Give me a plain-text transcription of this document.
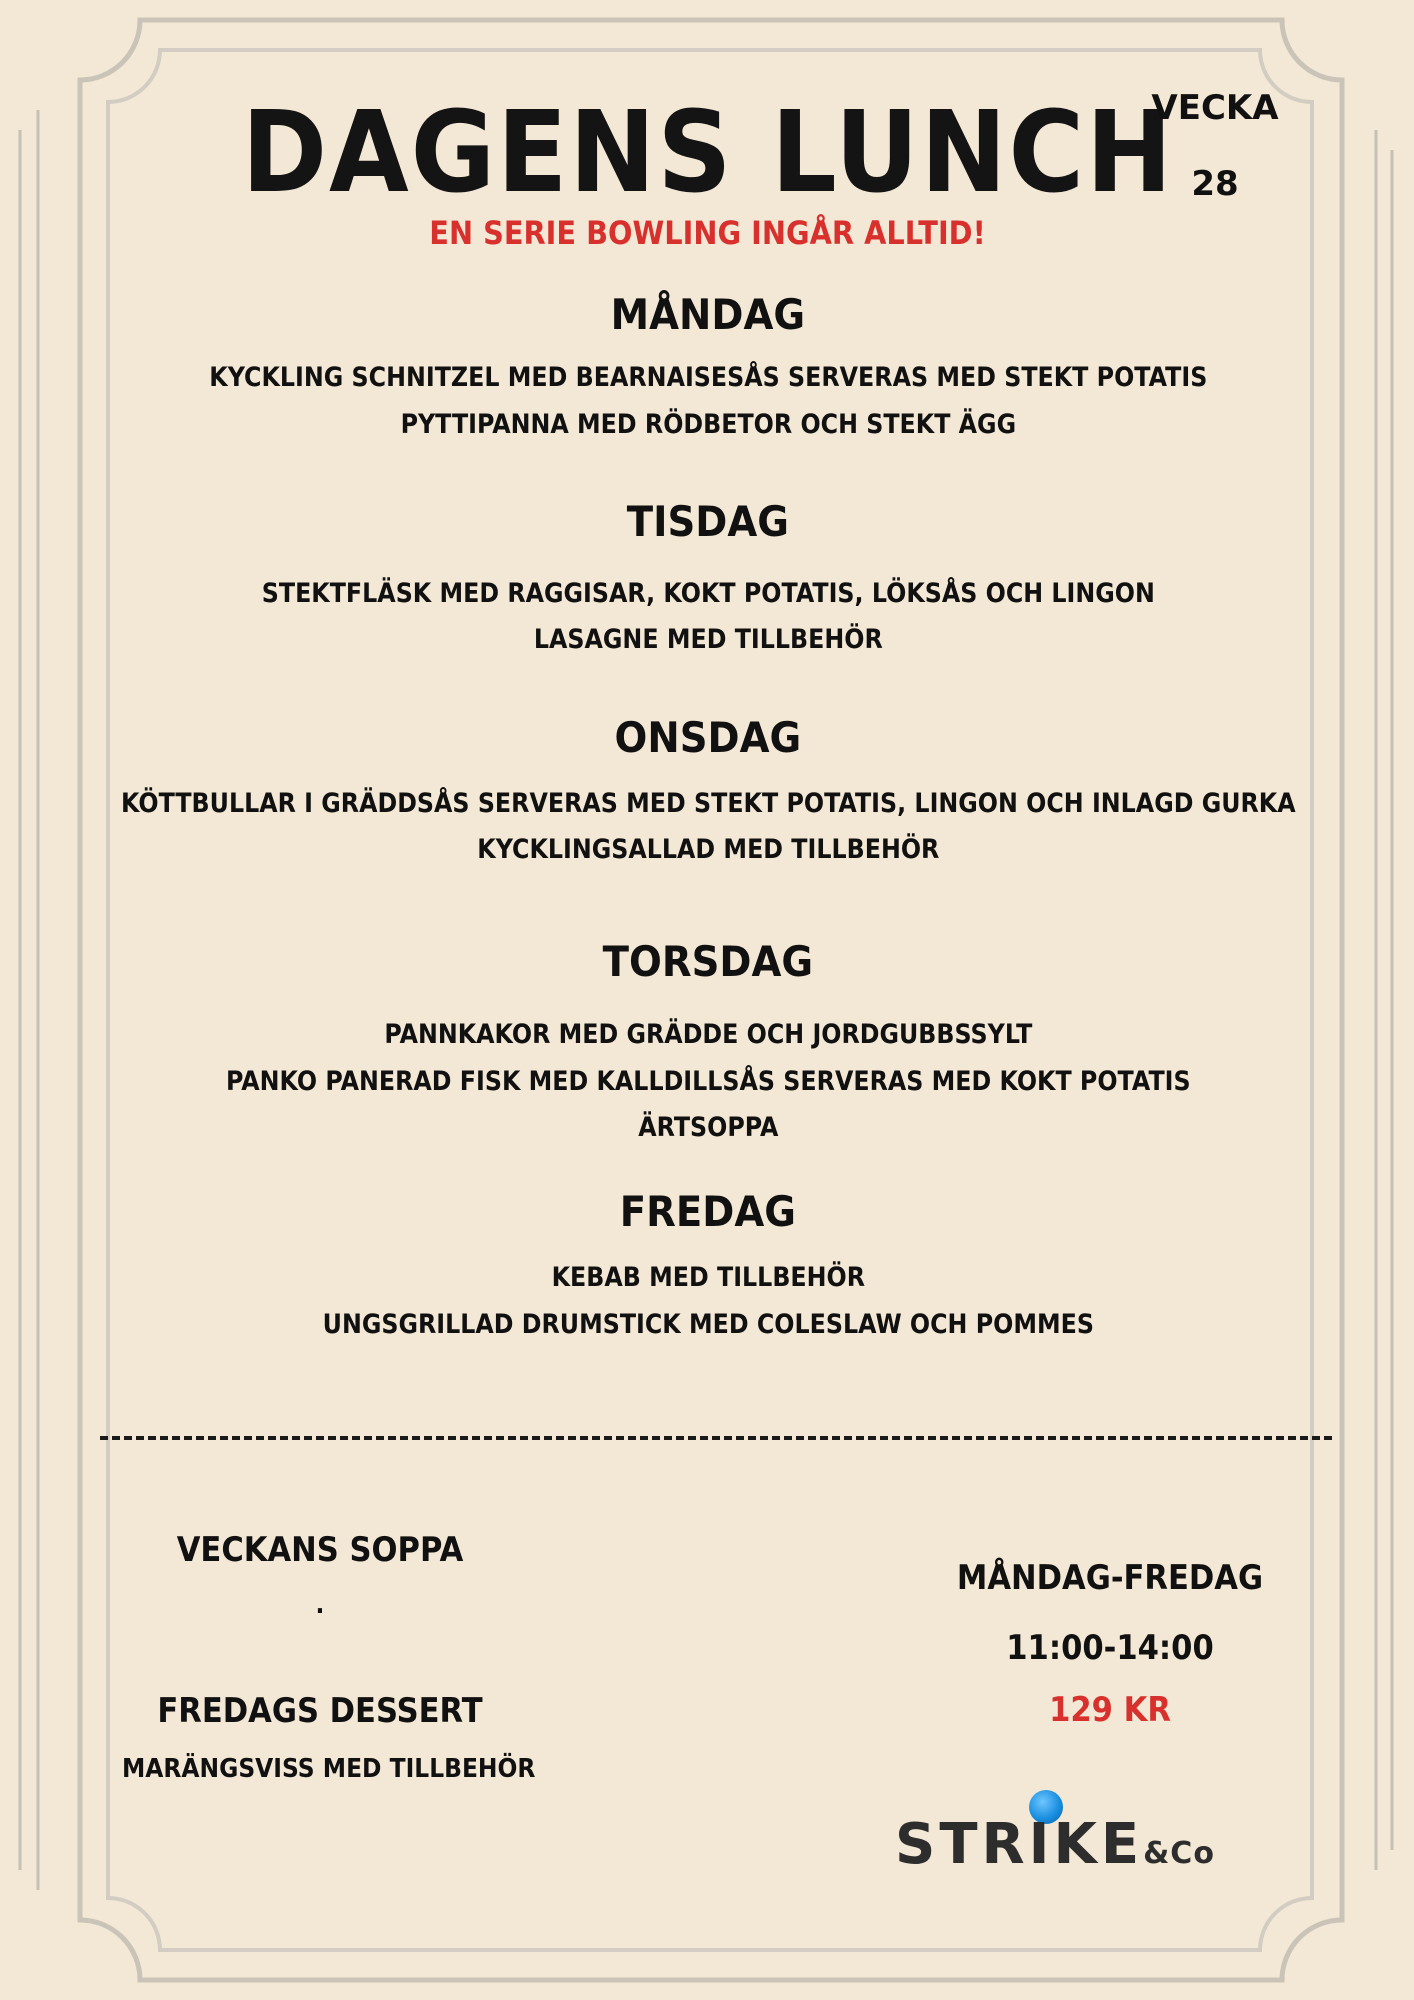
DAGENS LUNCH
VECKA
28
EN SERIE BOWLING INGÅR ALLTID!
MÅNDAG
KYCKLING SCHNITZEL MED BEARNAISESÅS SERVERAS MED STEKT POTATIS
PYTTIPANNA MED RÖDBETOR OCH STEKT ÄGG
TISDAG
STEKTFLÄSK MED RAGGISAR, KOKT POTATIS, LÖKSÅS OCH LINGON
LASAGNE MED TILLBEHÖR
ONSDAG
KÖTTBULLAR I GRÄDDSÅS SERVERAS MED STEKT POTATIS, LINGON OCH INLAGD GURKA
KYCKLINGSALLAD MED TILLBEHÖR
TORSDAG
PANNKAKOR MED GRÄDDE OCH JORDGUBBSSYLT
PANKO PANERAD FISK MED KALLDILLSÅS SERVERAS MED KOKT POTATIS
ÄRTSOPPA
FREDAG
KEBAB MED TILLBEHÖR
UNGSGRILLAD DRUMSTICK MED COLESLAW OCH POMMES
VECKANS SOPPA
.
FREDAGS DESSERT
MARÄNGSVISS MED TILLBEHÖR
MÅNDAG-FREDAG
11:00-14:00
129 KR
STRIKE&Co
